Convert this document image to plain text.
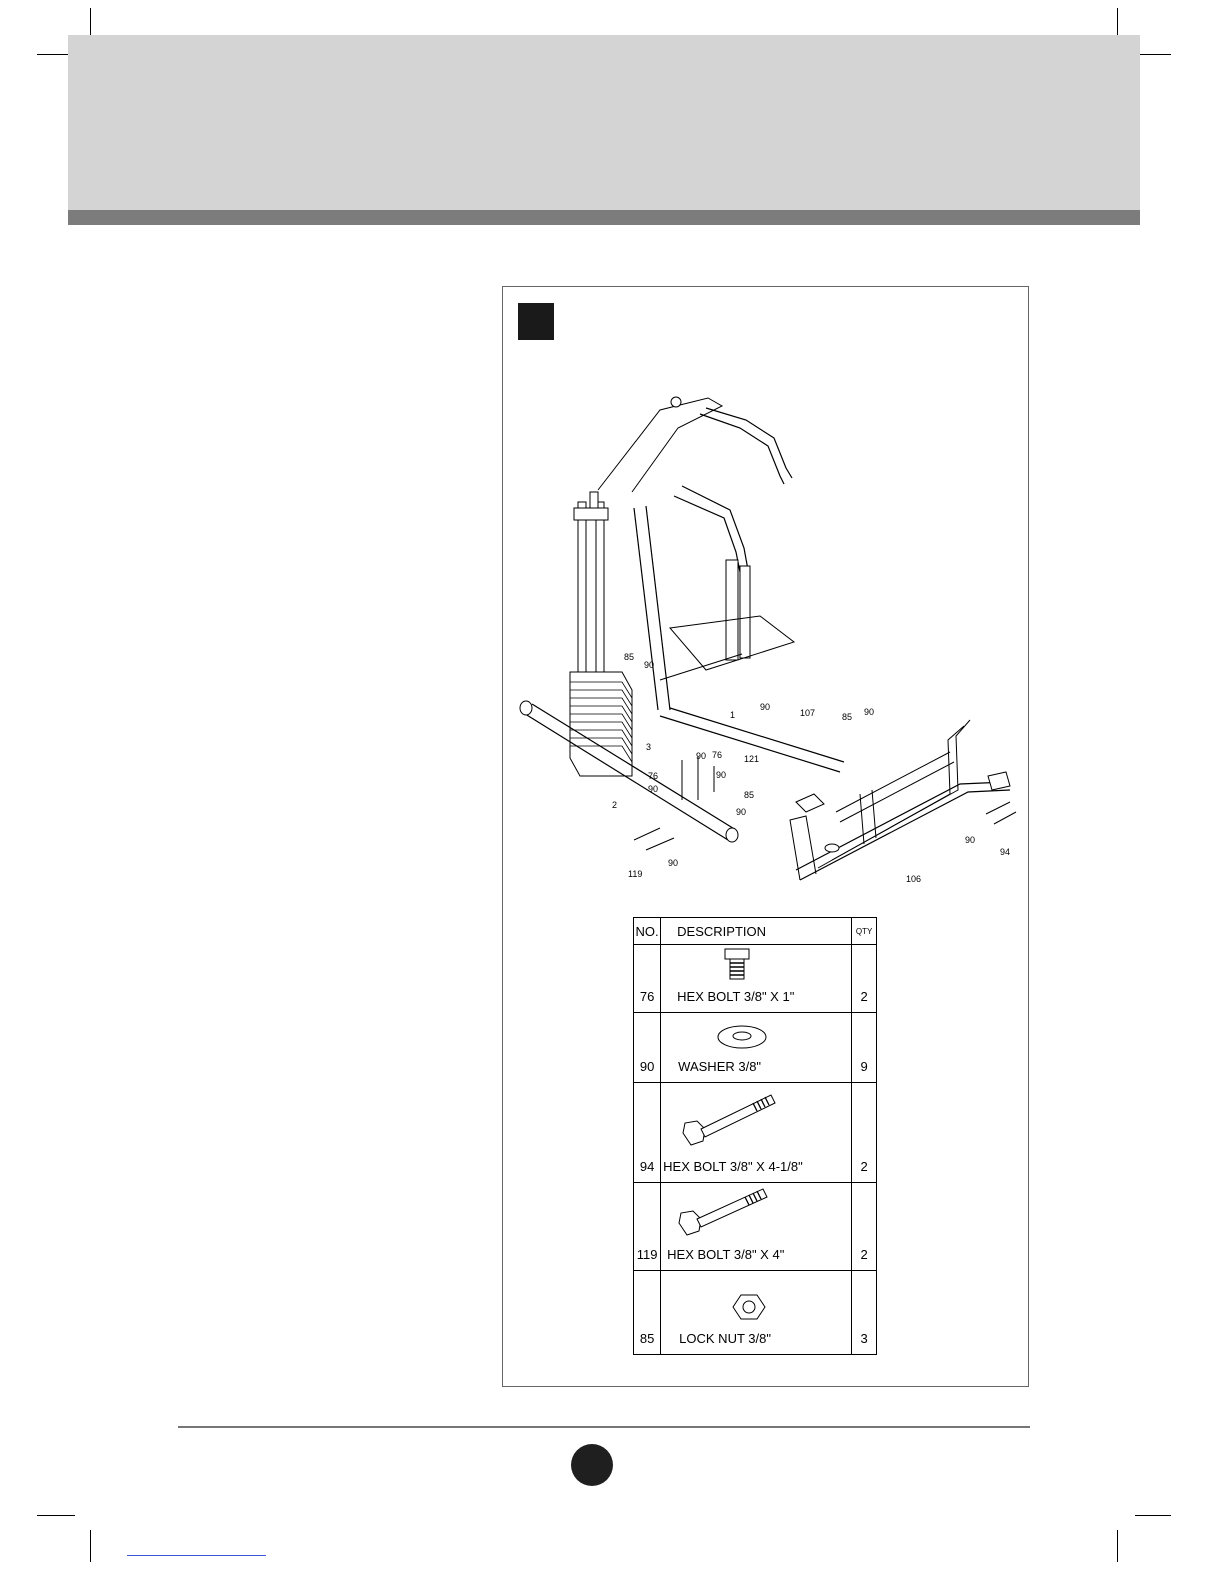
85
90
3
1
90
121
107	85 90
76
90
90
90
76
85
90
2
90
119
90
94
106
NO.	DESCRIPTION	QTY
76	HEX BOLT 3/8" X 1"	2
90	WASHER 3/8"	9
94	HEX BOLT 3/8" X 4-1/8"	2
119	HEX BOLT 3/8" X 4"	2
85	LOCK NUT 3/8"	3
